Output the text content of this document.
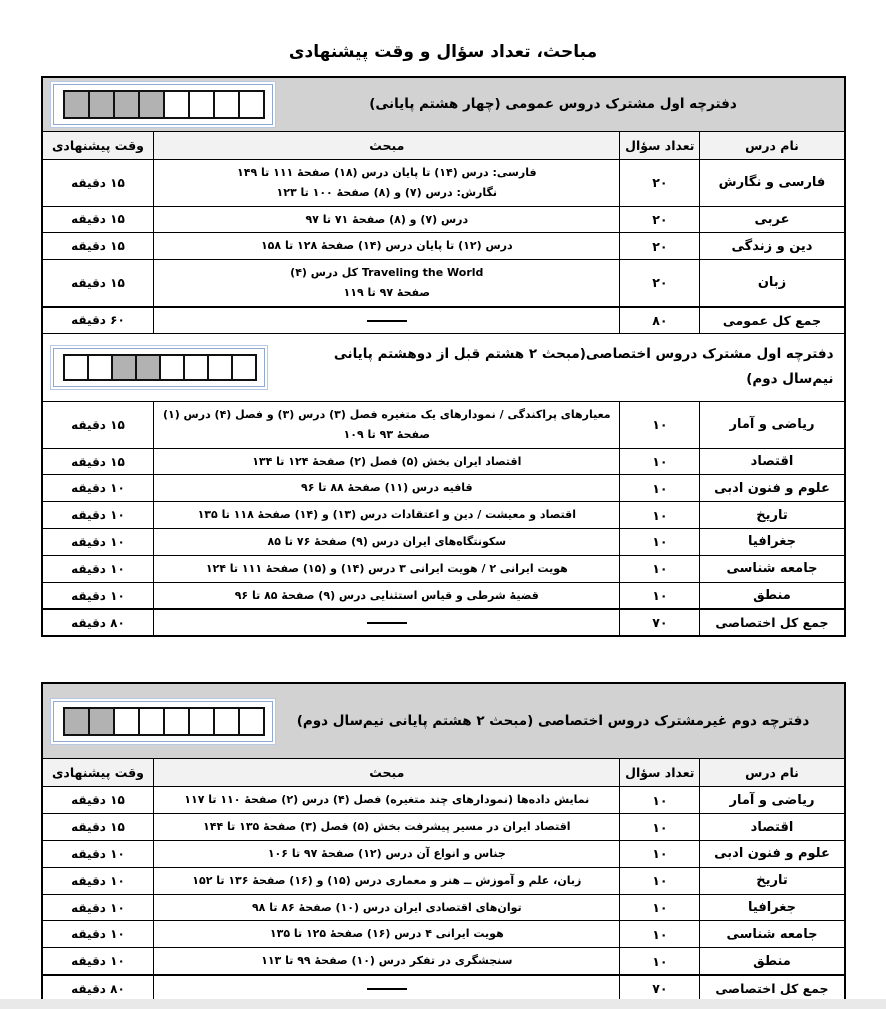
مباحث، تعداد سؤال و وقت پیشنهادی
دفترچه اول مشترک دروس عمومی (چهار هشتم پایانی)			

نام درس	تعداد سؤال	مبحث	وقت پیشنهادی
فارسی و نگارش	۲۰	فارسی: درس (۱۴) تا پایان درس (۱۸) صفحهٔ ۱۱۱ تا ۱۴۹
نگارش: درس (۷) و (۸) صفحهٔ ۱۰۰ تا ۱۲۳	۱۵ دقیقه
عربی	۲۰	درس (۷) و (۸) صفحهٔ ۷۱ تا ۹۷	۱۵ دقیقه
دین و زندگی	۲۰	درس (۱۲) تا پایان درس (۱۴) صفحهٔ ۱۲۸ تا ۱۵۸	۱۵ دقیقه
زبان	۲۰	Traveling the World کل درس (۴)
صفحهٔ ۹۷ تا ۱۱۹	۱۵ دقیقه
جمع کل عمومی	۸۰		۶۰ دقیقه

دفترچه اول مشترک دروس اختصاصی(مبحث ۲ هشتم قبل از دوهشتم پایانی نیم‌سال دوم)			

ریاضی و آمار	۱۰	معیارهای پراکندگی / نمودارهای یک متغیره فصل (۳) درس (۳) و فصل (۴) درس (۱) صفحهٔ ۹۳ تا ۱۰۹	۱۵ دقیقه
اقتصاد	۱۰	اقتصاد ایران بخش (۵) فصل (۲) صفحهٔ ۱۲۴ تا ۱۳۴	۱۵ دقیقه
علوم و فنون ادبی	۱۰	قافیه درس (۱۱) صفحهٔ ۸۸ تا ۹۶	۱۰ دقیقه
تاریخ	۱۰	اقتصاد و معیشت / دین و اعتقادات درس (۱۳) و (۱۴) صفحهٔ ۱۱۸ تا ۱۳۵	۱۰ دقیقه
جغرافیا	۱۰	سکونتگاه‌های ایران درس (۹) صفحهٔ ۷۶ تا ۸۵	۱۰ دقیقه
جامعه شناسی	۱۰	هویت ایرانی ۲ / هویت ایرانی ۳ درس (۱۴) و (۱۵) صفحهٔ ۱۱۱ تا ۱۲۴	۱۰ دقیقه
منطق	۱۰	قضیهٔ شرطی و قیاس استثنایی درس (۹) صفحهٔ ۸۵ تا ۹۶	۱۰ دقیقه
جمع کل اختصاصی	۷۰		۸۰ دقیقه
دفترچه دوم غیرمشترک دروس اختصاصی (مبحث ۲ هشتم پایانی نیم‌سال دوم)			

نام درس	تعداد سؤال	مبحث	وقت پیشنهادی
ریاضی و آمار	۱۰	نمایش داده‌ها (نمودارهای چند متغیره) فصل (۴) درس (۲) صفحهٔ ۱۱۰ تا ۱۱۷	۱۵ دقیقه
اقتصاد	۱۰	اقتصاد ایران در مسیر پیشرفت بخش (۵) فصل (۳) صفحهٔ ۱۳۵ تا ۱۴۴	۱۵ دقیقه
علوم و فنون ادبی	۱۰	جناس و انواع آن درس (۱۲) صفحهٔ ۹۷ تا ۱۰۶	۱۰ دقیقه
تاریخ	۱۰	زبان، علم و آموزش ــ هنر و معماری درس (۱۵) و (۱۶) صفحهٔ ۱۳۶ تا ۱۵۲	۱۰ دقیقه
جغرافیا	۱۰	توان‌های اقتصادی ایران درس (۱۰) صفحهٔ ۸۶ تا ۹۸	۱۰ دقیقه
جامعه شناسی	۱۰	هویت ایرانی ۴ درس (۱۶) صفحهٔ ۱۲۵ تا ۱۳۵	۱۰ دقیقه
منطق	۱۰	سنجشگری در تفکر درس (۱۰) صفحهٔ ۹۹ تا ۱۱۳	۱۰ دقیقه
جمع کل اختصاصی	۷۰		۸۰ دقیقه
